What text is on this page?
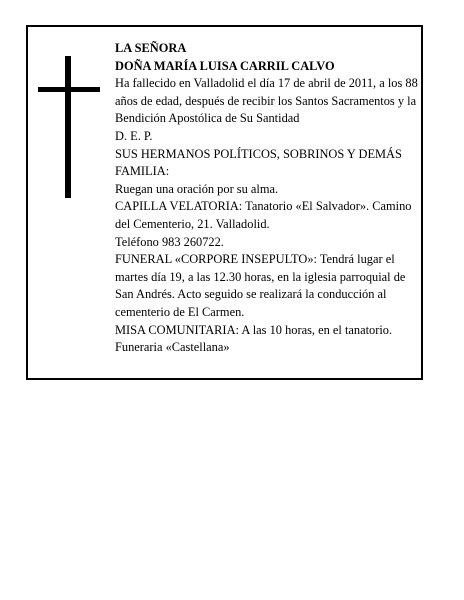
LA SEÑORA

DOÑA MARÍA LUISA CARRIL CALVO

Ha fallecido en Valladolid el día 17 de abril de 2011, a los 88 años de edad, después de recibir los Santos Sacramentos y la Bendición Apostólica de Su Santidad

D. E. P.

SUS HERMANOS POLÍTICOS, SOBRINOS Y DEMÁS FAMILIA:

Ruegan una oración por su alma.

CAPILLA VELATORIA: Tanatorio «El Salvador». Camino del Cementerio, 21. Valladolid.

Teléfono 983 260722.

FUNERAL «CORPORE INSEPULTO»: Tendrá lugar el martes día 19, a las 12.30 horas, en la iglesia parroquial de San Andrés. Acto seguido se realizará la conducción al cementerio de El Carmen.

MISA COMUNITARIA: A las 10 horas, en el tanatorio.

Funeraria «Castellana»
